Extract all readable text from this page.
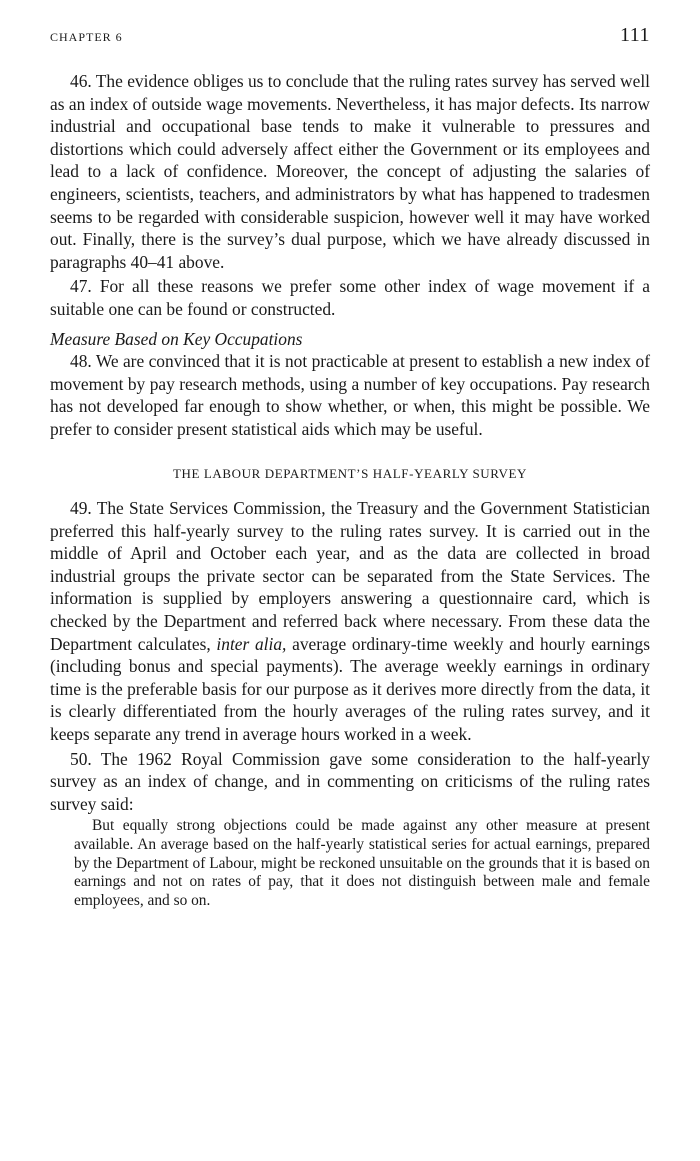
CHAPTER 6	111

46. The evidence obliges us to conclude that the ruling rates survey has served well as an index of outside wage movements. Nevertheless, it has major defects. Its narrow industrial and occupational base tends to make it vulnerable to pressures and distortions which could adversely affect either the Government or its employees and lead to a lack of confidence. Moreover, the concept of adjusting the salaries of engineers, scientists, teachers, and administrators by what has happened to tradesmen seems to be regarded with considerable suspicion, however well it may have worked out. Finally, there is the survey’s dual purpose, which we have already discussed in paragraphs 40–41 above.

47. For all these reasons we prefer some other index of wage movement if a suitable one can be found or constructed.

Measure Based on Key Occupations

48. We are convinced that it is not practicable at present to establish a new index of movement by pay research methods, using a number of key occupations. Pay research has not developed far enough to show whether, or when, this might be possible. We prefer to consider present statistical aids which may be useful.

THE LABOUR DEPARTMENT’S HALF-YEARLY SURVEY

49. The State Services Commission, the Treasury and the Government Statistician preferred this half-yearly survey to the ruling rates survey. It is carried out in the middle of April and October each year, and as the data are collected in broad industrial groups the private sector can be separated from the State Services. The information is supplied by employers answering a questionnaire card, which is checked by the Department and referred back where necessary. From these data the Department calculates, inter alia, average ordinary-time weekly and hourly earnings (including bonus and special payments). The average weekly earnings in ordinary time is the preferable basis for our purpose as it derives more directly from the data, it is clearly differentiated from the hourly averages of the ruling rates survey, and it keeps separate any trend in average hours worked in a week.

50. The 1962 Royal Commission gave some consideration to the half-yearly survey as an index of change, and in commenting on criticisms of the ruling rates survey said:

But equally strong objections could be made against any other measure at present available. An average based on the half-yearly statistical series for actual earnings, prepared by the Department of Labour, might be reckoned unsuitable on the grounds that it is based on earnings and not on rates of pay, that it does not distinguish between male and female employees, and so on.
